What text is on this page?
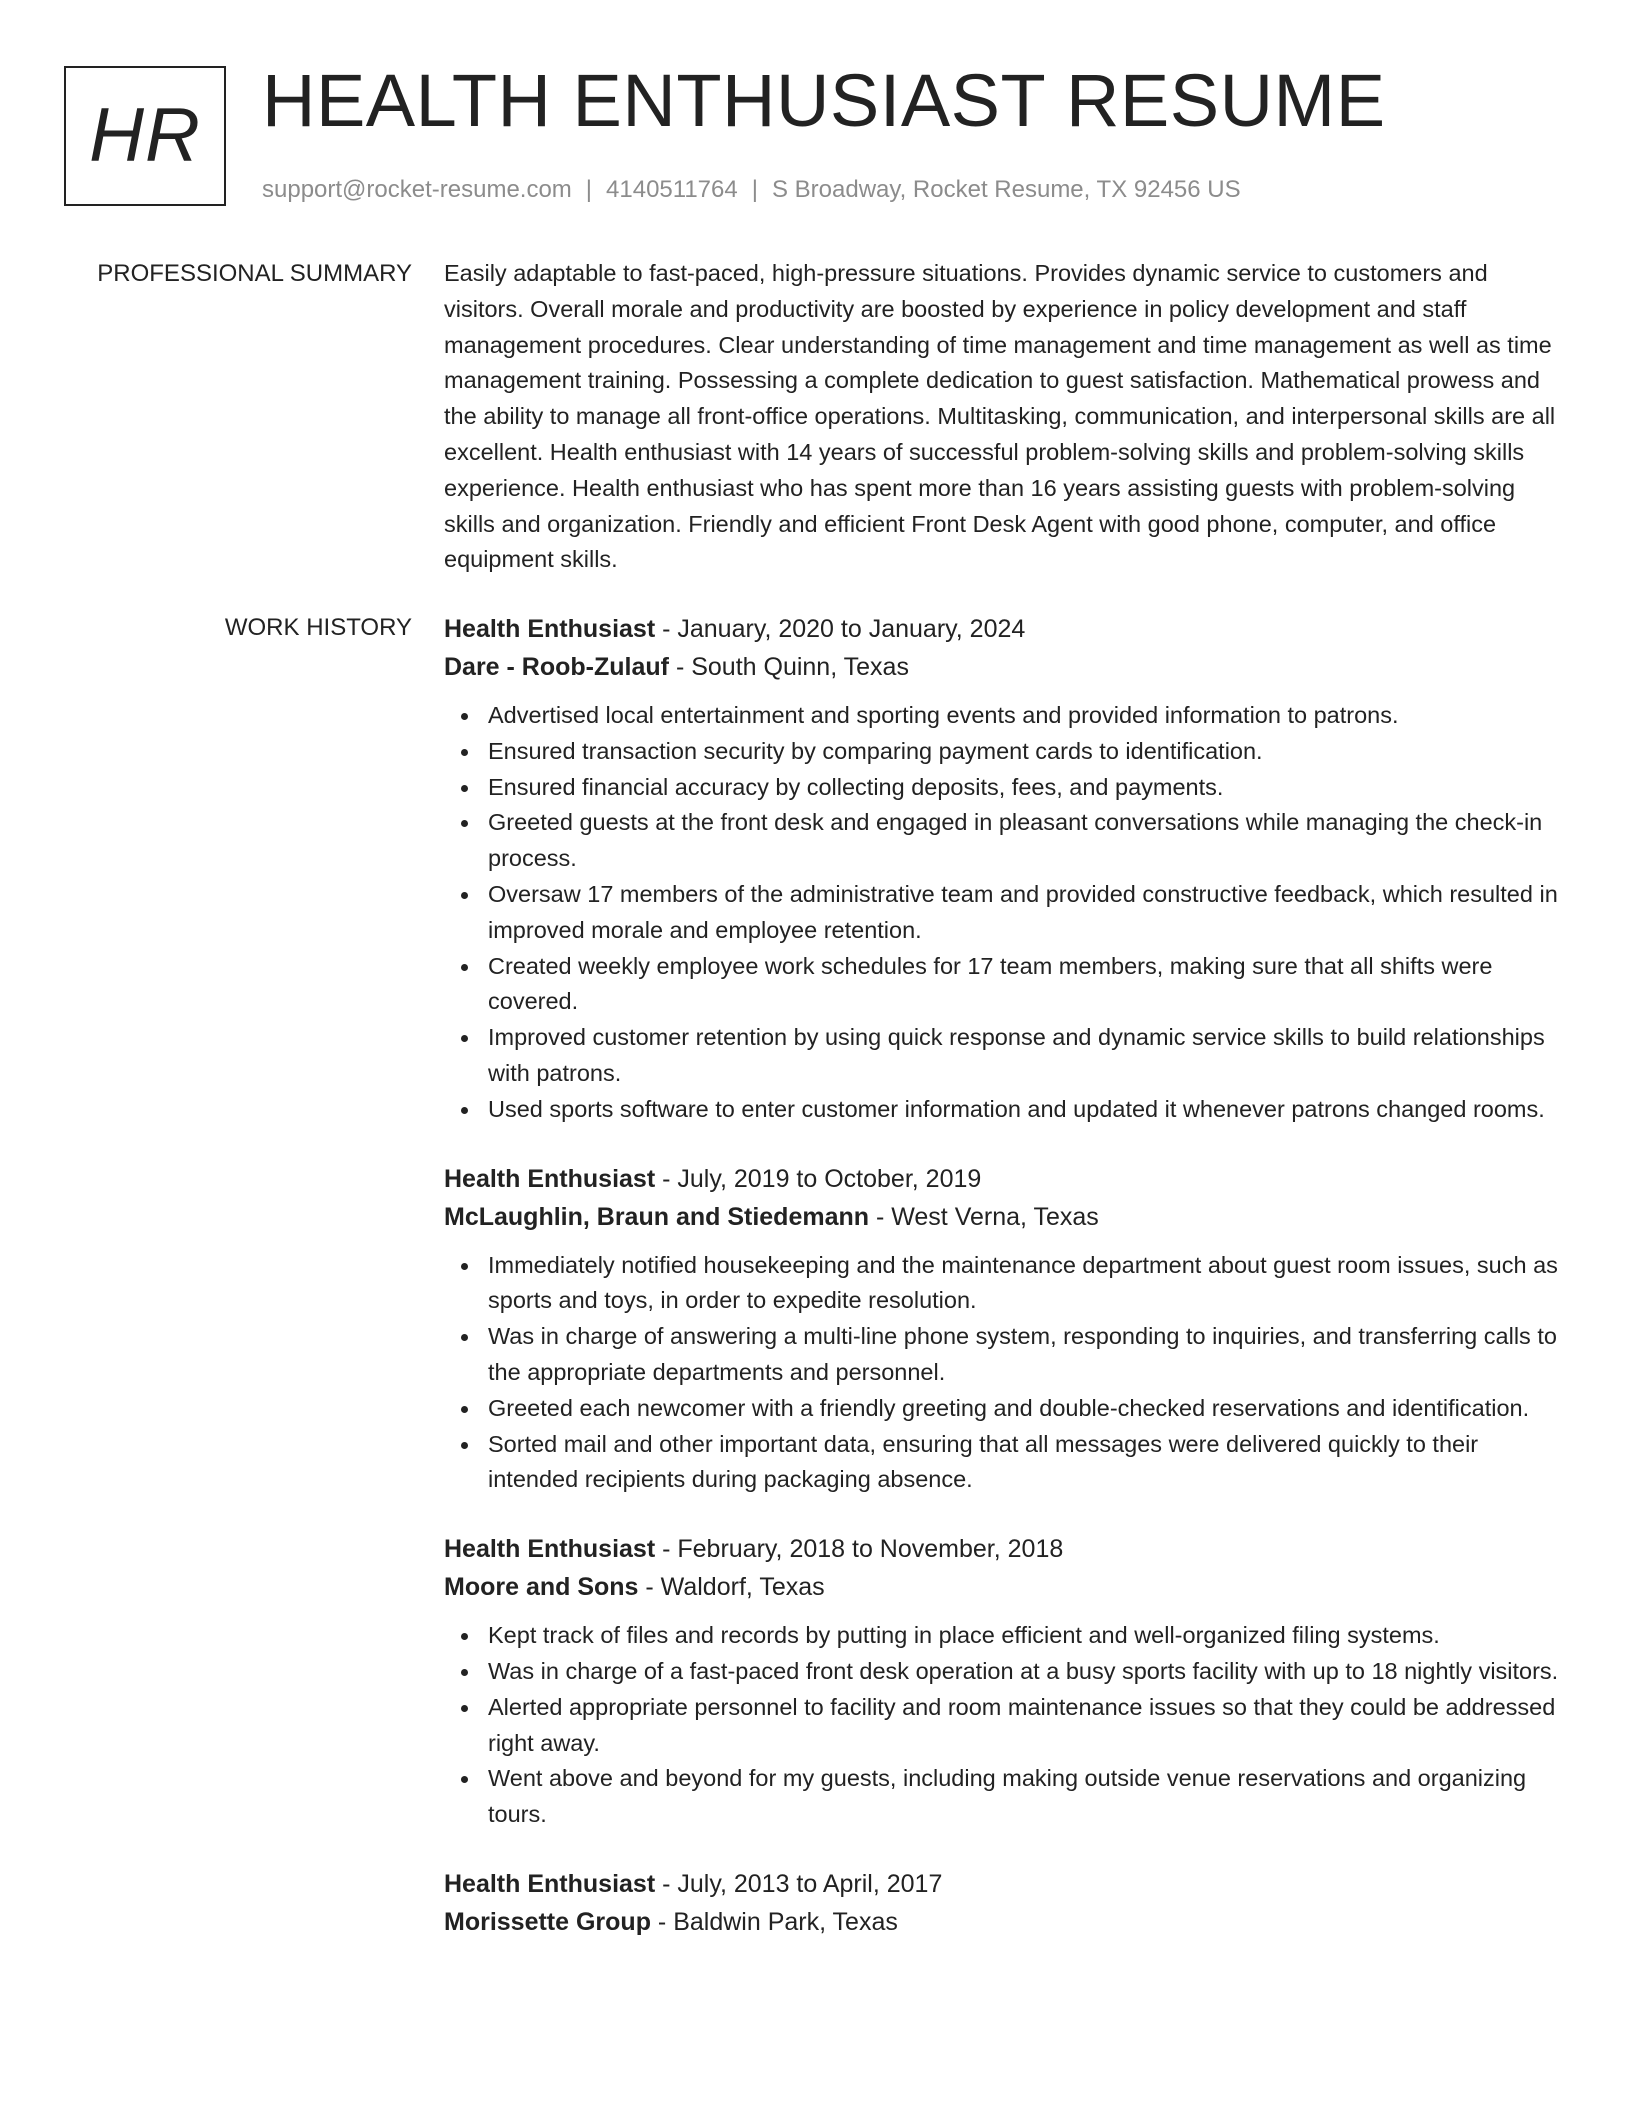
HR HEALTH ENTHUSIAST RESUME
support@rocket-resume.com | 4140511764 | S Broadway, Rocket Resume, TX 92456 US
PROFESSIONAL SUMMARY Easily adaptable to fast-paced, high-pressure situations. Provides dynamic service to customers and visitors. Overall morale and productivity are boosted by experience in policy development and staff management procedures. Clear understanding of time management and time management as well as time management training. Possessing a complete dedication to guest satisfaction. Mathematical prowess and the ability to manage all front-office operations. Multitasking, communication, and interpersonal skills are all excellent. Health enthusiast with 14 years of successful problem-solving skills and problem-solving skills experience. Health enthusiast who has spent more than 16 years assisting guests with problem-solving skills and organization. Friendly and efficient Front Desk Agent with good phone, computer, and office equipment skills.

WORK HISTORY Health Enthusiast - January, 2020 to January, 2024
Dare - Roob-Zulauf - South Quinn, Texas
Advertised local entertainment and sporting events and provided information to patrons.
Ensured transaction security by comparing payment cards to identification.
Ensured financial accuracy by collecting deposits, fees, and payments.
Greeted guests at the front desk and engaged in pleasant conversations while managing the check-in process.
Oversaw 17 members of the administrative team and provided constructive feedback, which resulted in improved morale and employee retention.
Created weekly employee work schedules for 17 team members, making sure that all shifts were covered.
Improved customer retention by using quick response and dynamic service skills to build relationships with patrons.
Used sports software to enter customer information and updated it whenever patrons changed rooms.
Health Enthusiast - July, 2019 to October, 2019
McLaughlin, Braun and Stiedemann - West Verna, Texas
Immediately notified housekeeping and the maintenance department about guest room issues, such as sports and toys, in order to expedite resolution.
Was in charge of answering a multi-line phone system, responding to inquiries, and transferring calls to the appropriate departments and personnel.
Greeted each newcomer with a friendly greeting and double-checked reservations and identification.
Sorted mail and other important data, ensuring that all messages were delivered quickly to their intended recipients during packaging absence.
Health Enthusiast - February, 2018 to November, 2018
Moore and Sons - Waldorf, Texas
Kept track of files and records by putting in place efficient and well-organized filing systems.
Was in charge of a fast-paced front desk operation at a busy sports facility with up to 18 nightly visitors.
Alerted appropriate personnel to facility and room maintenance issues so that they could be addressed right away.
Went above and beyond for my guests, including making outside venue reservations and organizing tours.
Health Enthusiast - July, 2013 to April, 2017
Morissette Group - Baldwin Park, Texas
